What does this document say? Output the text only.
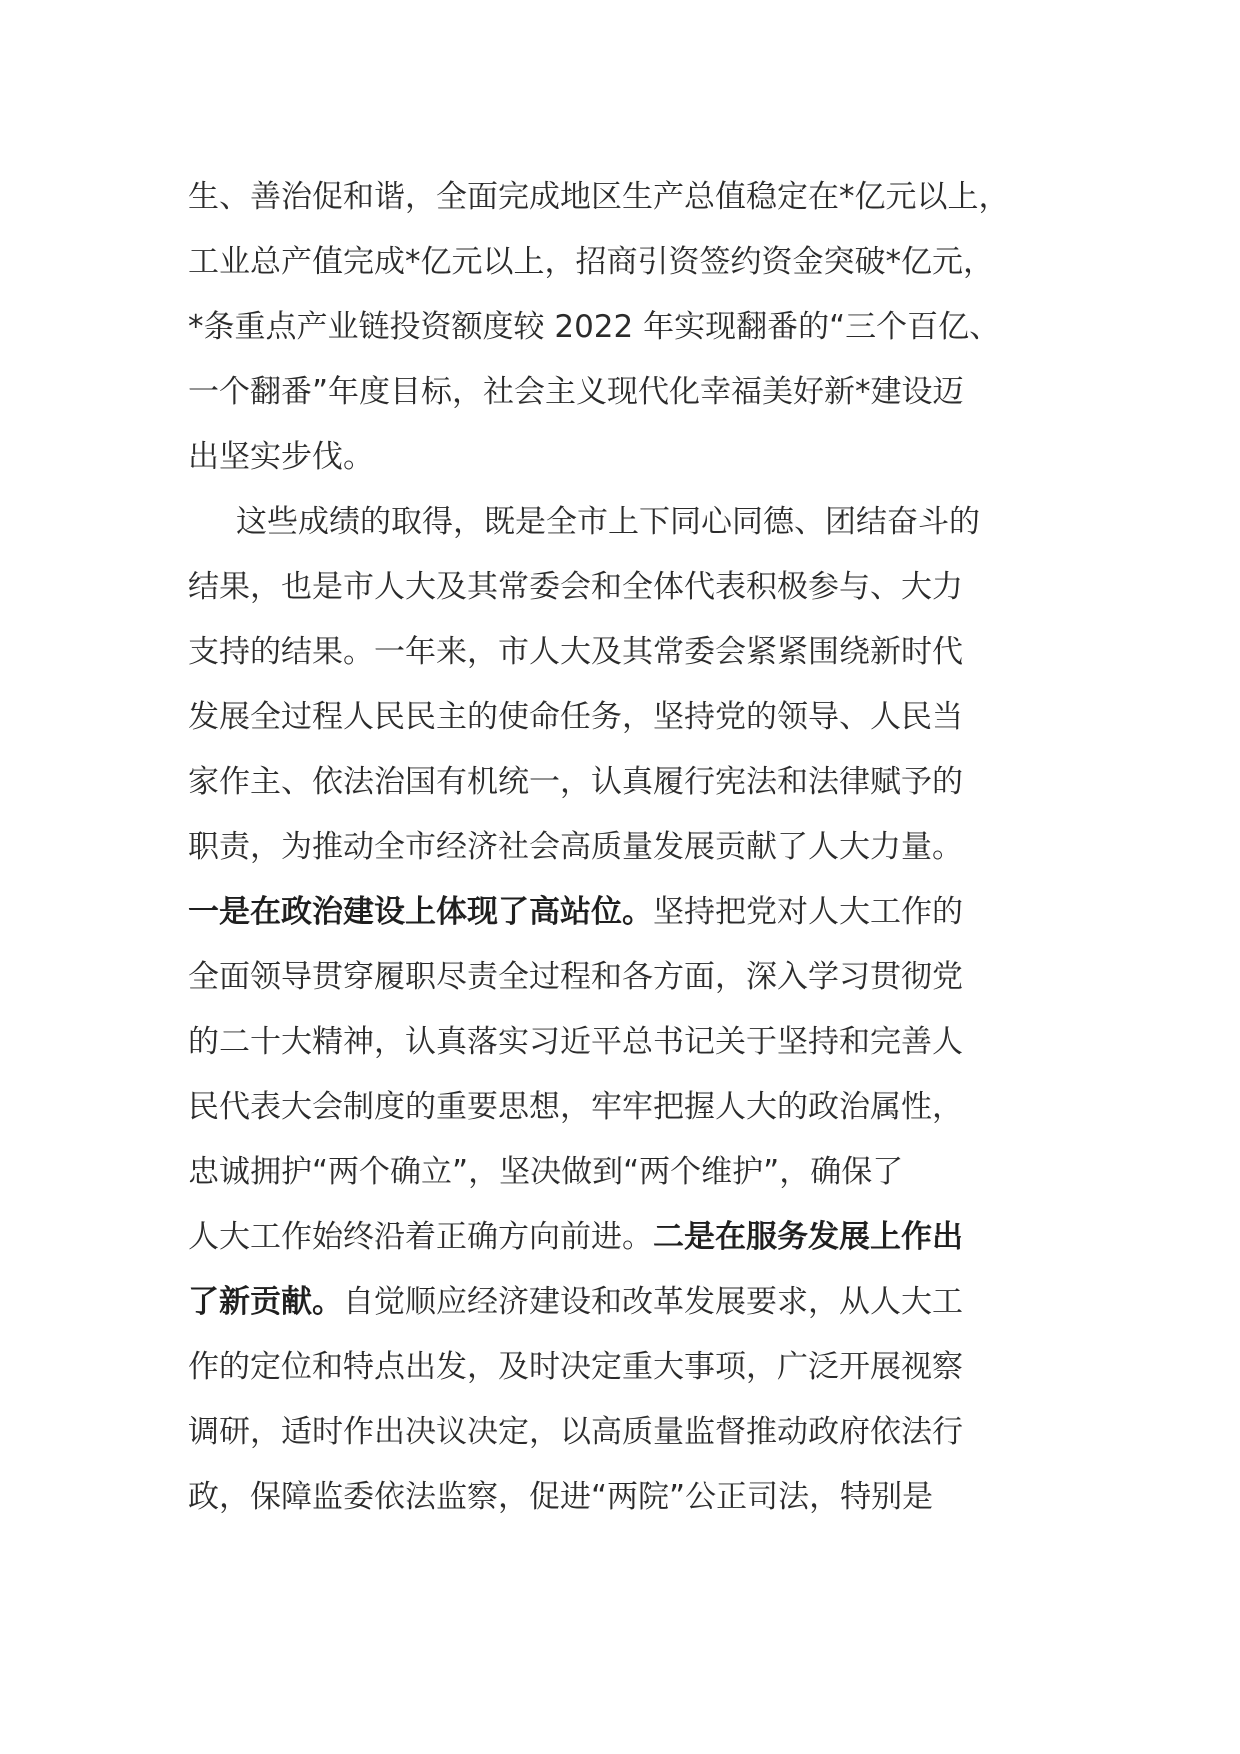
生、善治促和谐，全面完成地区生产总值稳定在*亿元以上，
工业总产值完成*亿元以上，招商引资签约资金突破*亿元，
*条重点产业链投资额度较 2022 年实现翻番的“三个百亿、
一个翻番”年度目标，社会主义现代化幸福美好新*建设迈
出坚实步伐。
这些成绩的取得，既是全市上下同心同德、团结奋斗的
结果，也是市人大及其常委会和全体代表积极参与、大力
支持的结果。一年来，市人大及其常委会紧紧围绕新时代
发展全过程人民民主的使命任务，坚持党的领导、人民当
家作主、依法治国有机统一，认真履行宪法和法律赋予的
职责，为推动全市经济社会高质量发展贡献了人大力量。
一是在政治建设上体现了高站位。坚持把党对人大工作的
全面领导贯穿履职尽责全过程和各方面，深入学习贯彻党
的二十大精神，认真落实习近平总书记关于坚持和完善人
民代表大会制度的重要思想，牢牢把握人大的政治属性，
忠诚拥护“两个确立”，坚决做到“两个维护”，确保了
人大工作始终沿着正确方向前进。二是在服务发展上作出
了新贡献。自觉顺应经济建设和改革发展要求，从人大工
作的定位和特点出发，及时决定重大事项，广泛开展视察
调研，适时作出决议决定，以高质量监督推动政府依法行
政，保障监委依法监察，促进“两院”公正司法，特别是
